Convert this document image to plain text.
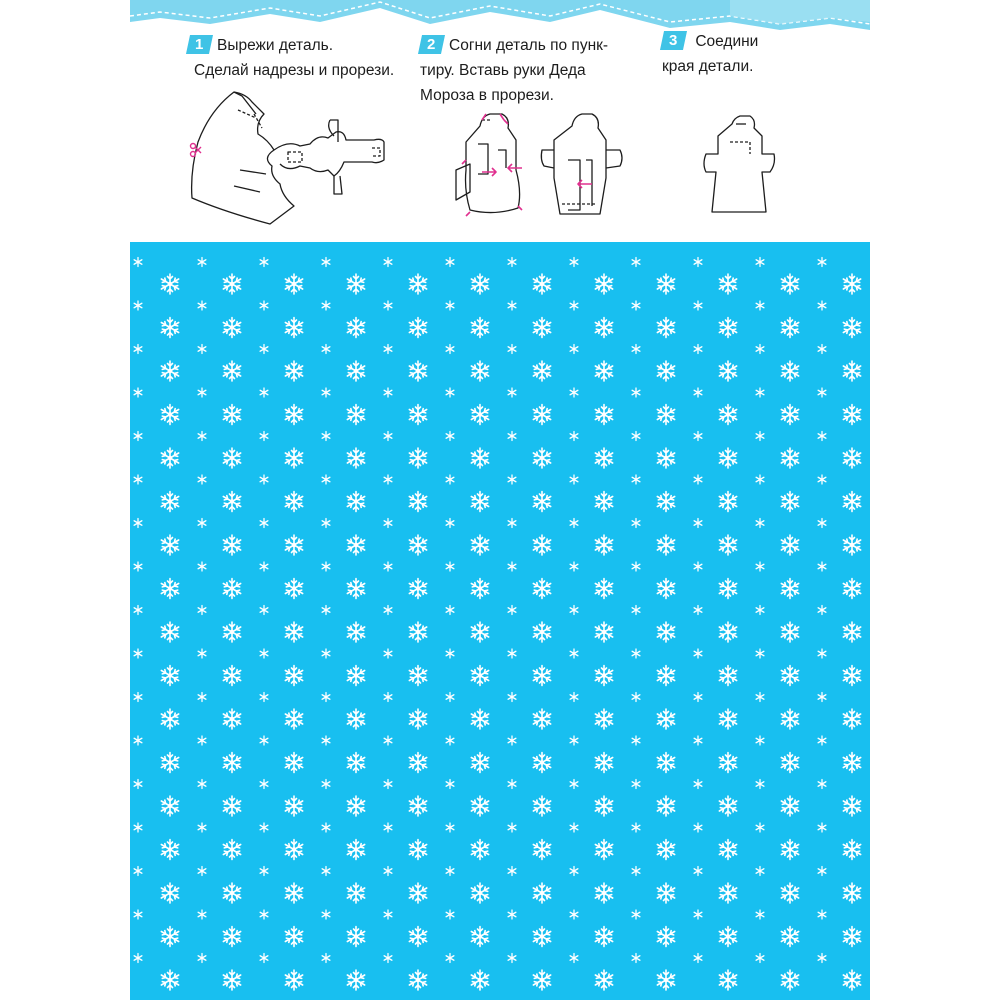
1 Вырежи деталь.
Сделай надрезы и прорези.
2 Согни деталь по пунк-
тиру. Вставь руки Деда
Мороза в прорези.
3 Соедини
края детали.
